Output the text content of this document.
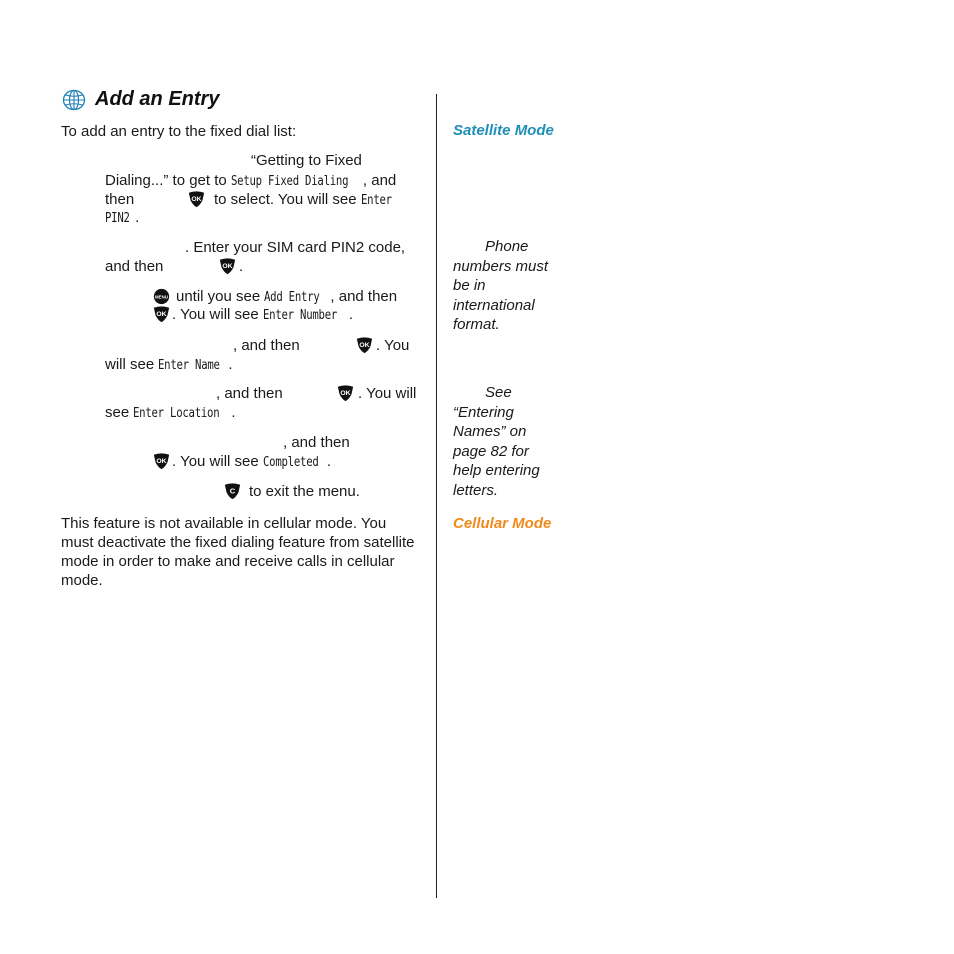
Add an Entry
To add an entry to the fixed dial list:
“Getting to Fixed
Dialing...” to get to Setup Fixed Dialing , and
then	to select. You will see Enter
PIN2 .
. Enter your SIM card PIN2 code,
and then	.
until you see Add Entry , and then
. You will see Enter Number .
, and then	. You
will see Enter Name .
, and then	. You will
see Enter Location .
, and then
. You will see Completed .
to exit the menu.
This feature is not available in cellular mode. You must deactivate the fixed dialing feature from satellite mode in order to make and receive calls in cellular mode.
Satellite Mode
Phone
numbers must
be in
international
format.
See
“Entering
Names” on
page 82 for
help entering
letters.
Cellular Mode
